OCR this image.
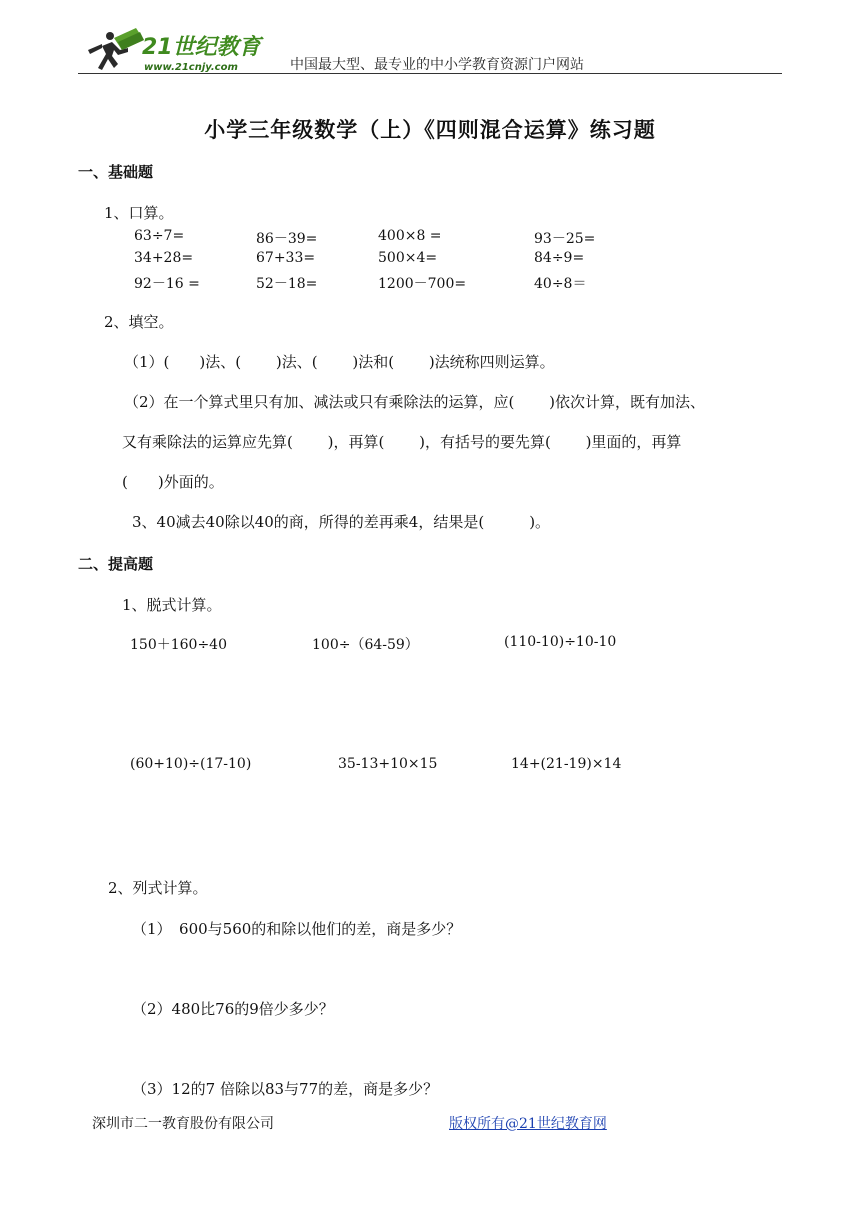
21世纪教育
www.21cnjy.com	中国最大型、最专业的中小学教育资源门户网站
小学三年级数学（上）《四则混合运算》练习题
一、基础题
1、口算。
63÷7=	86－39=	400×8 =	93－25=
34+28=	67+33=	500×4=	84÷9=
92－16 =	52－18=	1200－700=	40÷8＝
2、填空。
（1）(　　)法、(　　 )法、(　　 )法和(　　 )法统称四则运算。
（2）在一个算式里只有加、减法或只有乘除法的运算，应(　　 )依次计算，既有加法、
又有乘除法的运算应先算(　　 )，再算(　　 )，有括号的要先算(　　 )里面的，再算
(　　)外面的。
3、40减去40除以40的商，所得的差再乘4，结果是(　　　)。
二、提高题
1、脱式计算。
150＋160÷40	100÷（64-59）	(110-10)÷10-10
(60+10)÷(17-10)	35-13+10×15	14+(21-19)×14
2、列式计算。
（1）　600与560的和除以他们的差，商是多少？
（2）480比76的9倍少多少？
（3）12的7 倍除以83与77的差，商是多少？
深圳市二一教育股份有限公司	版权所有@21世纪教育网
